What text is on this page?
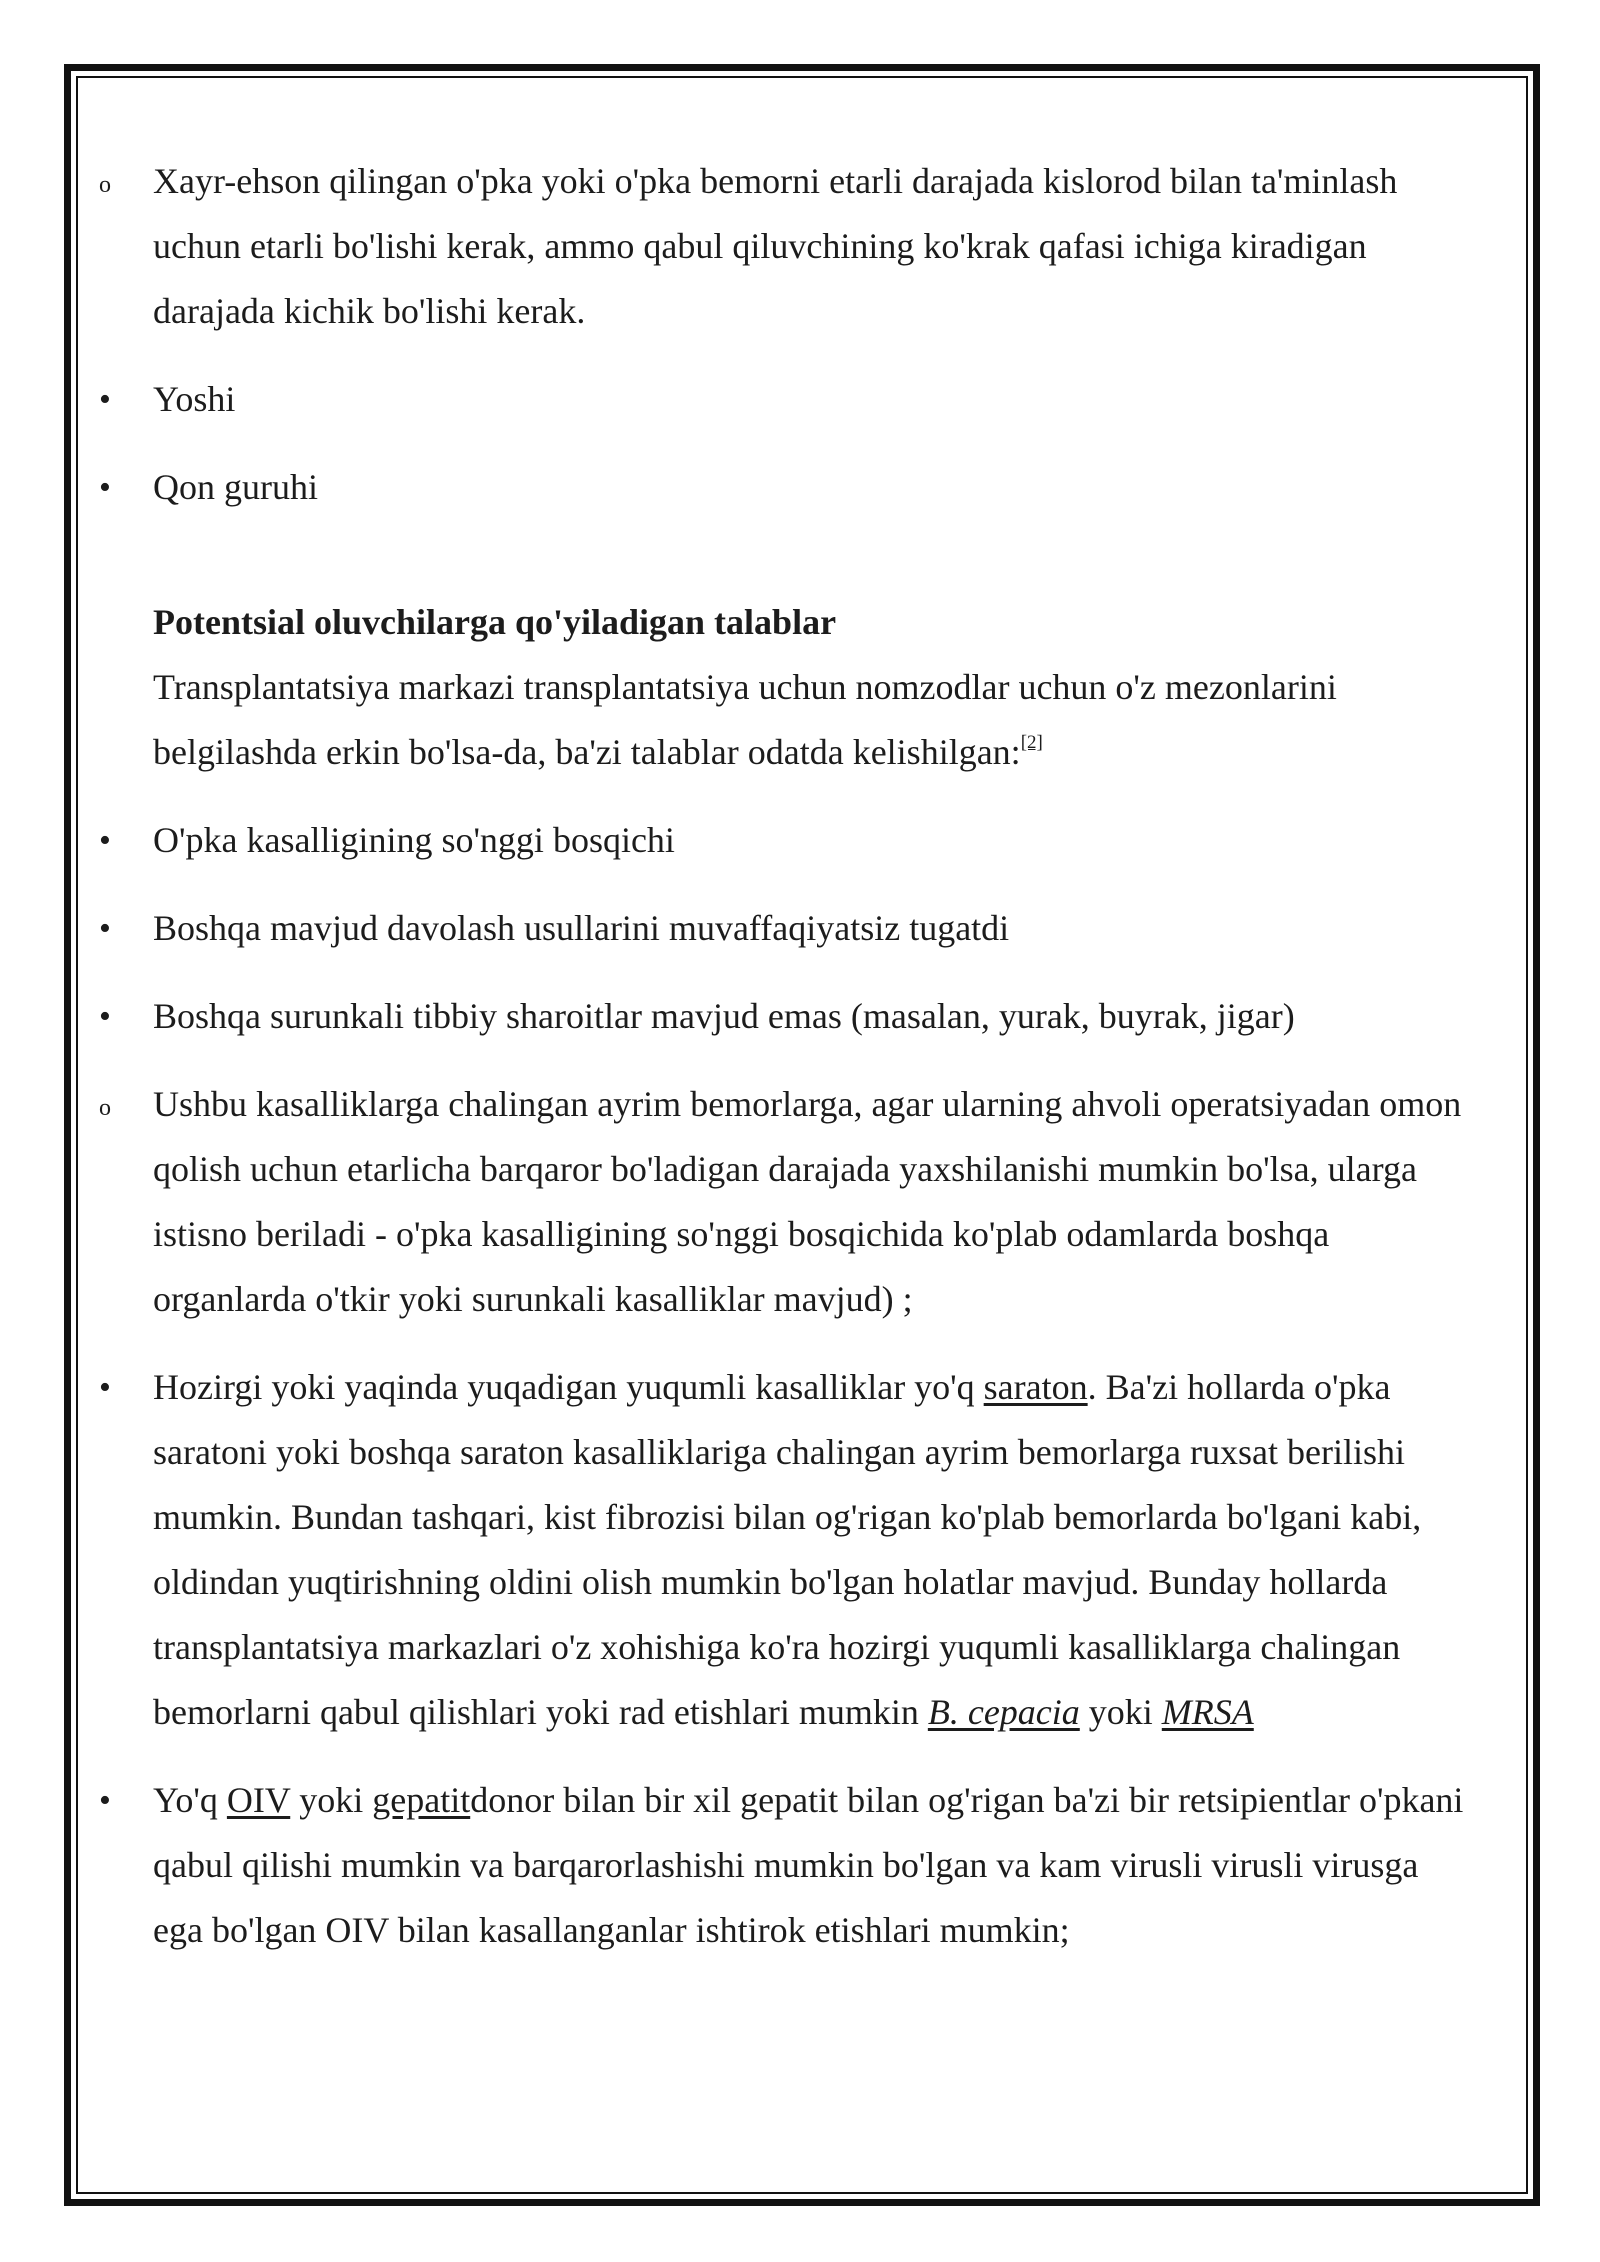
o	Xayr-ehson qilingan o'pka yoki o'pka bemorni etarli darajada kislorod bilan ta'minlash uchun etarli bo'lishi kerak, ammo qabul qiluvchining ko'krak qafasi ichiga kiradigan darajada kichik bo'lishi kerak.
•	Yoshi
•	Qon guruhi
Potentsial oluvchilarga qo'yiladigan talablar
Transplantatsiya markazi transplantatsiya uchun nomzodlar uchun o'z mezonlarini belgilashda erkin bo'lsa-da, ba'zi talablar odatda kelishilgan:[2]
•	O'pka kasalligining so'nggi bosqichi
•	Boshqa mavjud davolash usullarini muvaffaqiyatsiz tugatdi
•	Boshqa surunkali tibbiy sharoitlar mavjud emas (masalan, yurak, buyrak, jigar)
o	Ushbu kasalliklarga chalingan ayrim bemorlarga, agar ularning ahvoli operatsiyadan omon qolish uchun etarlicha barqaror bo'ladigan darajada yaxshilanishi mumkin bo'lsa, ularga istisno beriladi - o'pka kasalligining so'nggi bosqichida ko'plab odamlarda boshqa organlarda o'tkir yoki surunkali kasalliklar mavjud) ;
•	Hozirgi yoki yaqinda yuqadigan yuqumli kasalliklar yo'q saraton. Ba'zi hollarda o'pka saratoni yoki boshqa saraton kasalliklariga chalingan ayrim bemorlarga ruxsat berilishi mumkin. Bundan tashqari, kist fibrozisi bilan og'rigan ko'plab bemorlarda bo'lgani kabi, oldindan yuqtirishning oldini olish mumkin bo'lgan holatlar mavjud. Bunday hollarda transplantatsiya markazlari o'z xohishiga ko'ra hozirgi yuqumli kasalliklarga chalingan bemorlarni qabul qilishlari yoki rad etishlari mumkin B. cepacia yoki MRSA
•	Yo'q OIV yoki gepatitdonor bilan bir xil gepatit bilan og'rigan ba'zi bir retsipientlar o'pkani qabul qilishi mumkin va barqarorlashishi mumkin bo'lgan va kam virusli virusli virusga ega bo'lgan OIV bilan kasallanganlar ishtirok etishlari mumkin;
